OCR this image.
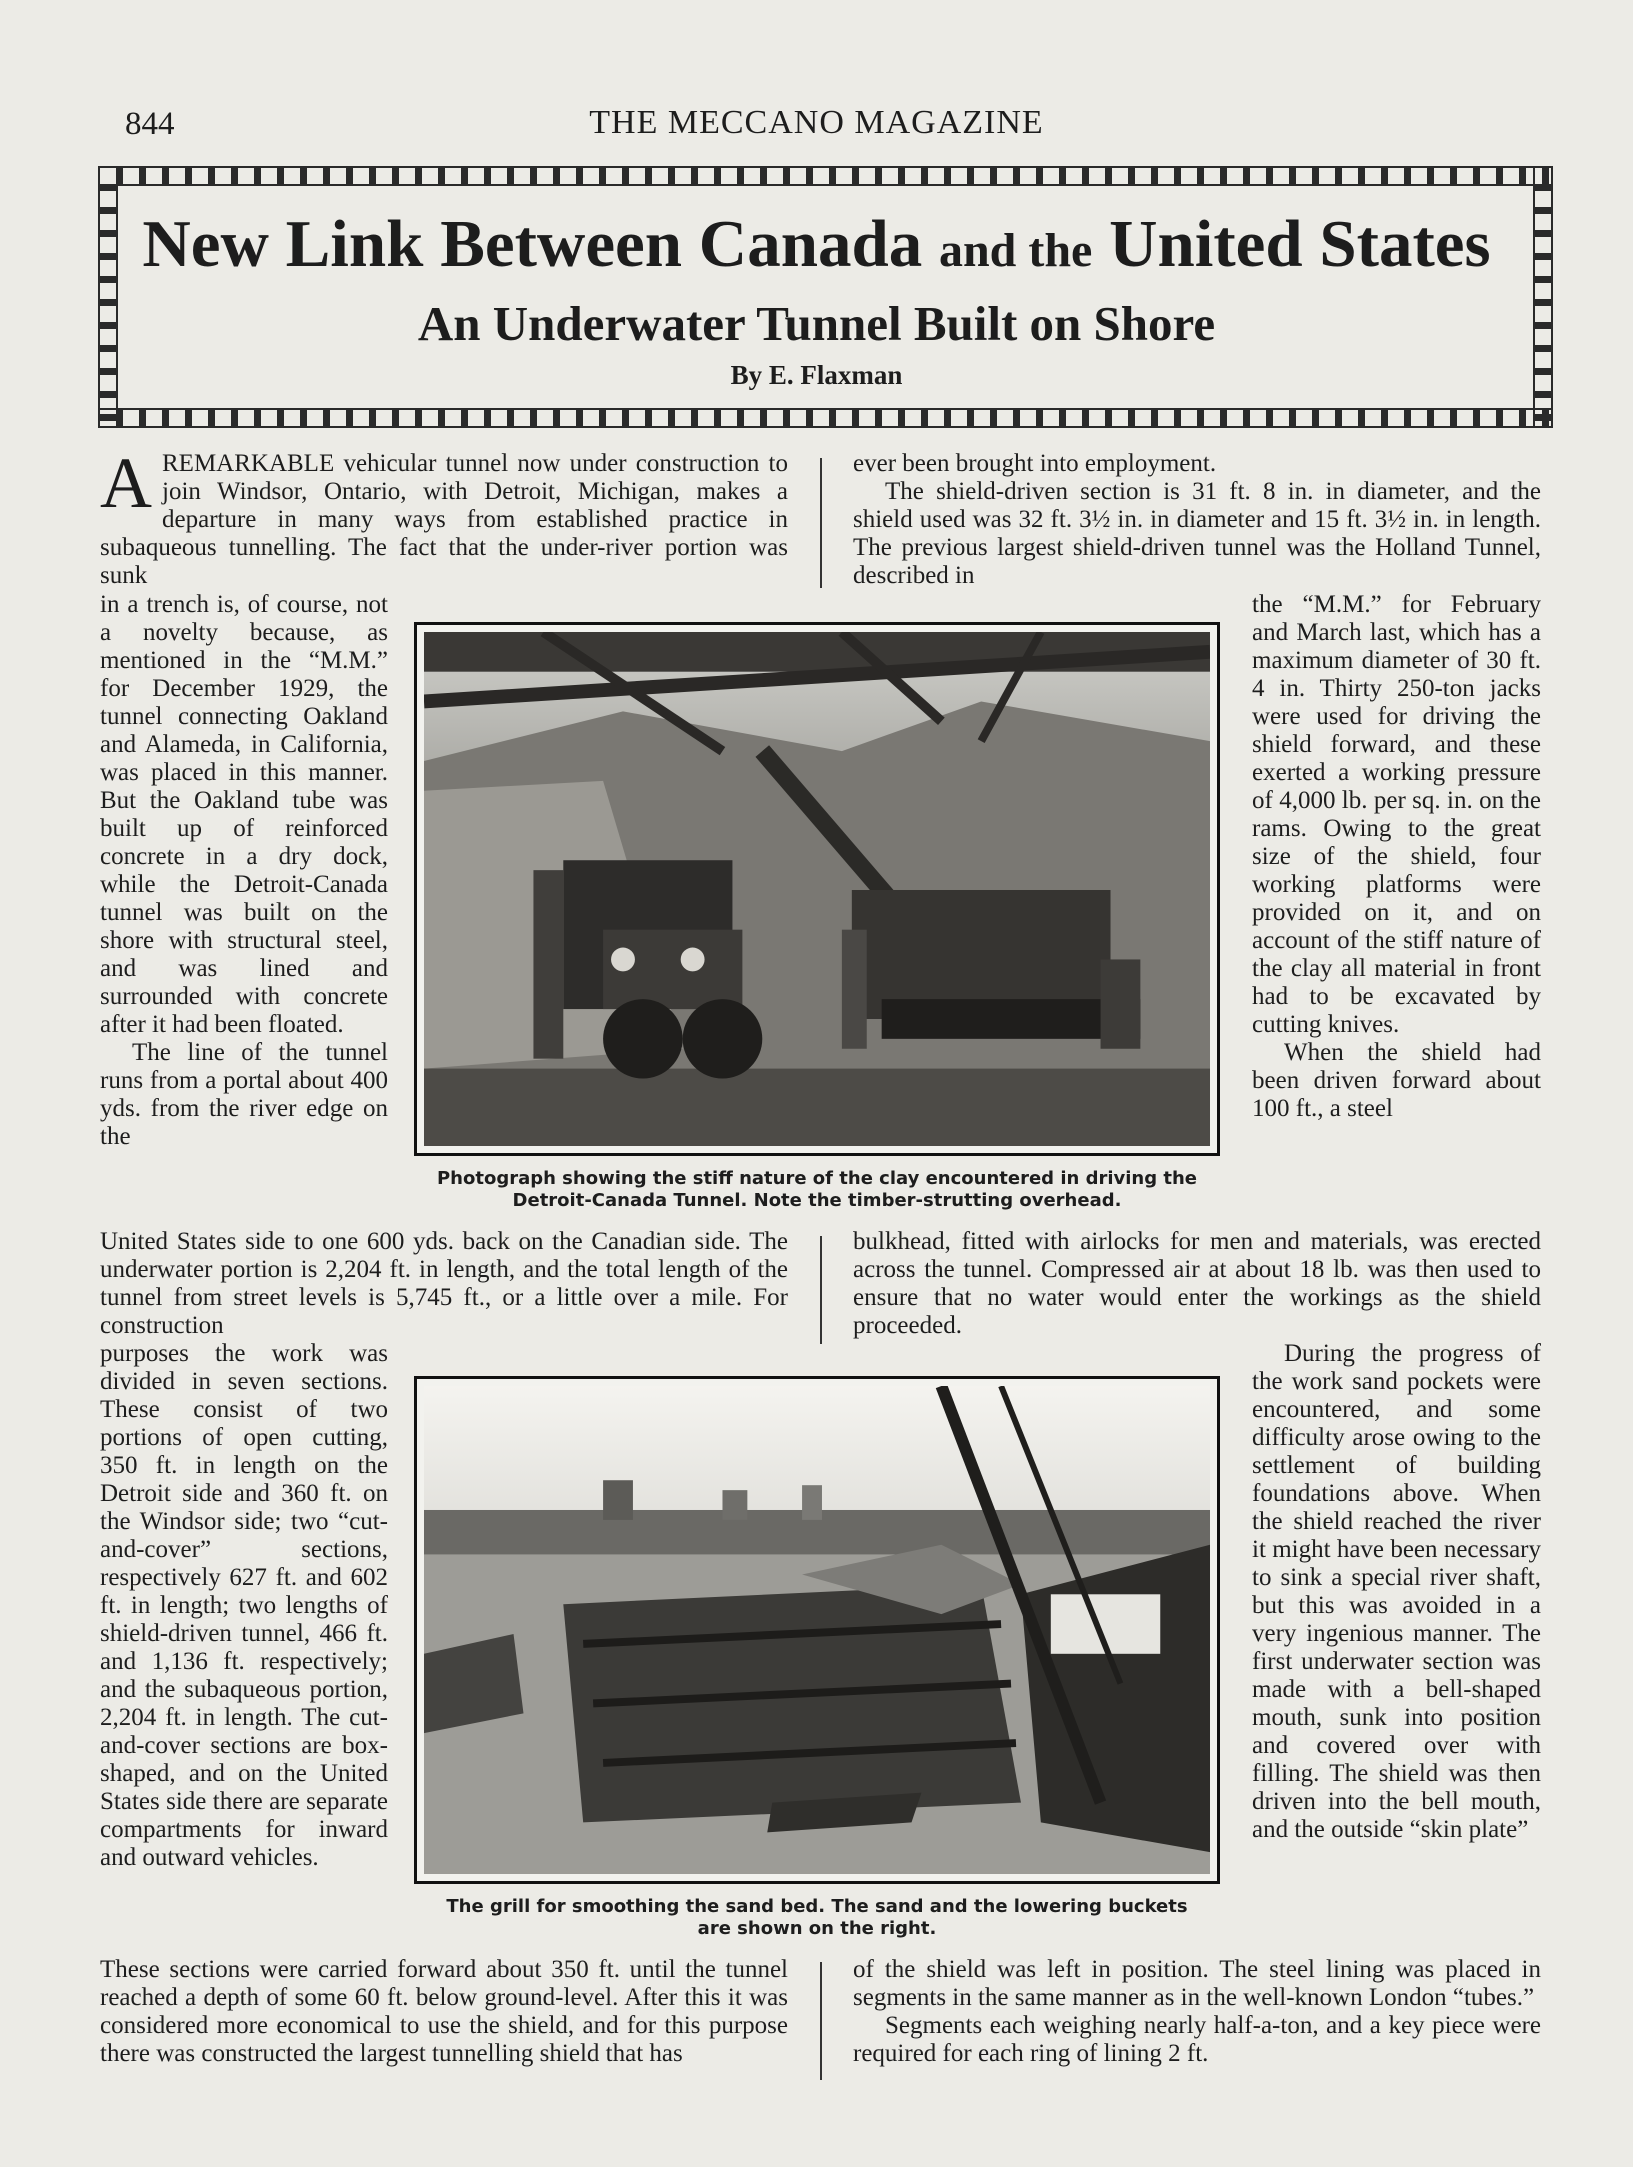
844	THE MECCANO MAGAZINE
New Link Between Canada and the United States
An Underwater Tunnel Built on Shore
By E. Flaxman

AREMARKABLE vehicular tunnel now under construction to join Windsor, Ontario, with Detroit, Michigan, makes a departure in many ways from established practice in subaqueous tunnelling. The fact that the under-river portion was sunk

ever been brought into employment.

The shield-driven section is 31 ft. 8 in. in diameter, and the shield used was 32 ft. 3½ in. in diameter and 15 ft. 3½ in. in length. The previous largest shield-driven tunnel was the Holland Tunnel, described in

in a trench is, of course, not a novelty because, as mentioned in the “M.M.” for December 1929, the tunnel connecting Oakland and Alameda, in California, was placed in this manner. But the Oakland tube was built up of reinforced concrete in a dry dock, while the Detroit-Canada tunnel was built on the shore with structural steel, and was lined and surrounded with concrete after it had been floated.

The line of the tunnel runs from a portal about 400 yds. from the river edge on the

Photograph showing the stiff nature of the clay encountered in driving the
Detroit-Canada Tunnel. Note the timber-strutting overhead.

the “M.M.” for February and March last, which has a maximum diameter of 30 ft. 4 in. Thirty 250-ton jacks were used for driving the shield forward, and these exerted a working pressure of 4,000 lb. per sq. in. on the rams. Owing to the great size of the shield, four working platforms were provided on it, and on account of the stiff nature of the clay all material in front had to be excavated by cutting knives.

When the shield had been driven forward about 100 ft., a steel

United States side to one 600 yds. back on the Canadian side. The underwater portion is 2,204 ft. in length, and the total length of the tunnel from street levels is 5,745 ft., or a little over a mile. For construction

bulkhead, fitted with airlocks for men and materials, was erected across the tunnel. Compressed air at about 18 lb. was then used to ensure that no water would enter the workings as the shield proceeded.

purposes the work was divided in seven sections. These consist of two portions of open cutting, 350 ft. in length on the Detroit side and 360 ft. on the Windsor side; two “cut-and-cover” sections, respectively 627 ft. and 602 ft. in length; two lengths of shield-driven tunnel, 466 ft. and 1,136 ft. respectively; and the subaqueous portion, 2,204 ft. in length. The cut-and-cover sections are box-shaped, and on the United States side there are separate compartments for inward and outward vehicles.

The grill for smoothing the sand bed. The sand and the lowering buckets
are shown on the right.

During the progress of the work sand pockets were encountered, and some difficulty arose owing to the settlement of building foundations above. When the shield reached the river it might have been necessary to sink a special river shaft, but this was avoided in a very ingenious manner. The first underwater section was made with a bell-shaped mouth, sunk into position and covered over with filling. The shield was then driven into the bell mouth, and the outside “skin plate”

These sections were carried forward about 350 ft. until the tunnel reached a depth of some 60 ft. below ground-level. After this it was considered more economical to use the shield, and for this purpose there was constructed the largest tunnelling shield that has

of the shield was left in position. The steel lining was placed in segments in the same manner as in the well-known London “tubes.”

Segments each weighing nearly half-a-ton, and a key piece were required for each ring of lining 2 ft.
